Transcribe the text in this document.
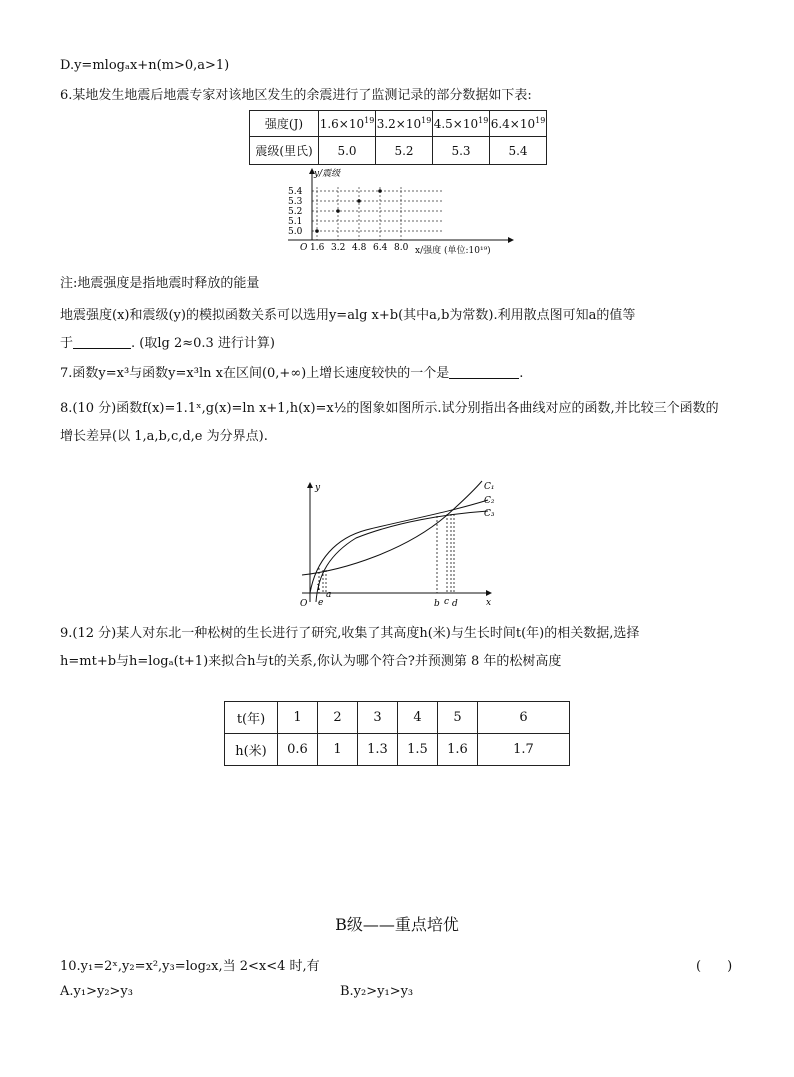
D.y=mlogₐx+n(m>0,a>1)
6.某地发生地震后地震专家对该地区发生的余震进行了监测记录的部分数据如下表:
强度(J)	$1.6\times 10^{19}$	$3.2\times 10^{19}$	$4.5\times 10^{19}$	$6.4\times 10^{19}$
震级(里氏)	5.0	5.2	5.3	5.4
y/震级
O
5.0
5.1
5.2
5.3
5.4
1.6 3.2 4.8 6.4 8.0 x/强度 (单位:10¹⁹)
注:地震强度是指地震时释放的能量
地震强度(x)和震级(y)的模拟函数关系可以选用y=alg x+b(其中a,b为常数).利用散点图可知a的值等
于	. (取lg 2≈0.3 进行计算)
7.函数y=x³与函数y=x³ln x在区间(0,+∞)上增长速度较快的一个是	.
8.(10 分)函数f(x)=1.1ˣ,g(x)=ln x+1,h(x)=x½的图象如图所示.试分别指出各曲线对应的函数,并比较三个函数的
增长差异(以 1,a,b,c,d,e 为分界点).
y
x
O
C₁
C₂
C₃
1
e
a
b c d
9.(12 分)某人对东北一种松树的生长进行了研究,收集了其高度h(米)与生长时间t(年)的相关数据,选择
h=mt+b与h=logₐ(t+1)来拟合h与t的关系,你认为哪个符合?并预测第 8 年的松树高度
t(年)	1	2	3	4	5	6
h(米)	0.6	1	1.3	1.5	1.6	1.7
B级——重点培优
10.y₁=2ˣ,y₂=x²,y₃=log₂x,当 2<x<4 时,有	(　　)
A.y₁>y₂>y₃	B.y₂>y₁>y₃
